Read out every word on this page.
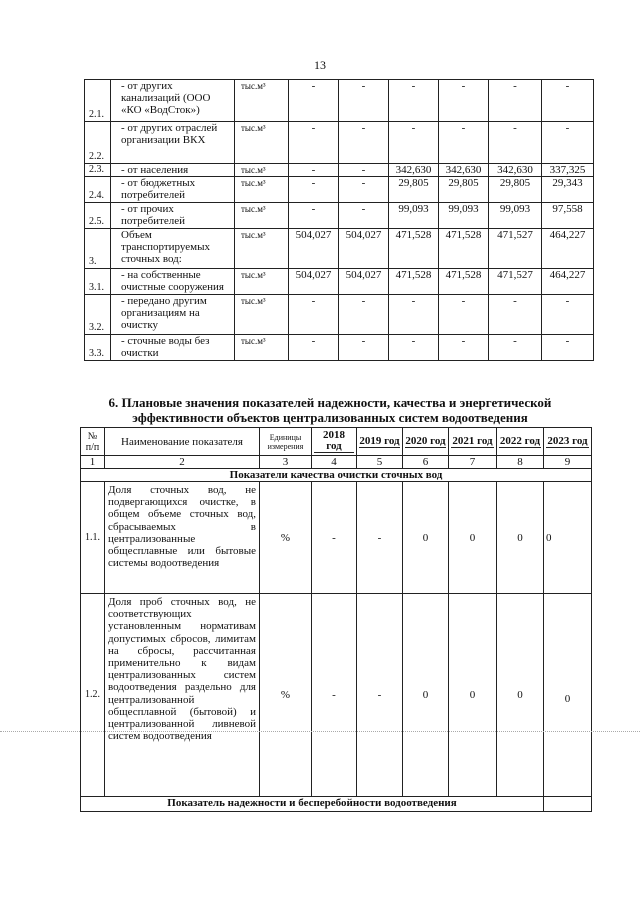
13
2.1.	- от других канализаций (ООО «КО «ВодСток»)	тыс.м³	-	-	-	-	-	-
2.2.	- от других отраслей организации ВКХ	тыс.м³	-	-	-	-	-	-
2.3.	- от населения	тыс.м³	-	-	342,630	342,630	342,630	337,325
2.4.	- от бюджетных потребителей	тыс.м³	-	-	29,805	29,805	29,805	29,343
2.5.	- от прочих потребителей	тыс.м³	-	-	99,093	99,093	99,093	97,558
3.	Объем транспортируемых сточных вод:	тыс.м³	504,027	504,027	471,528	471,528	471,527	464,227
3.1.	- на собственные очистные сооружения	тыс.м³	504,027	504,027	471,528	471,528	471,527	464,227
3.2.	- передано другим организациям на очистку	тыс.м³	-	-	-	-	-	-
3.3.	- сточные воды без очистки	тыс.м³	-	-	-	-	-	-
6. Плановые значения показателей надежности, качества и энергетической
эффективности объектов централизованных систем водоотведения
№ п/п	Наименование показателя	Единицы измерения	2018 год	2019 год	2020 год	2021 год	2022 год	2023 год

1	2	3	4	5	6	7	8	9
Показатели качества очистки сточных вод								
1.1.	Доля сточных вод, не подвергающихся очистке, в общем объеме сточных вод, сбрасываемых в централизованные общесплавные или бытовые системы водоотведения	%	-	-	0	0	0	0
1.2.	Доля проб сточных вод, не соответствующих установленным нормативам допустимых сбросов, лимитам на сбросы, рассчитанная применительно к видам централизованных систем водоотведения раздельно для централизованной общесплавной (бытовой) и централизованной ливневой систем водоотведения	%	-	-	0	0	0	0
Показатель надежности и бесперебойности водоотведения								
